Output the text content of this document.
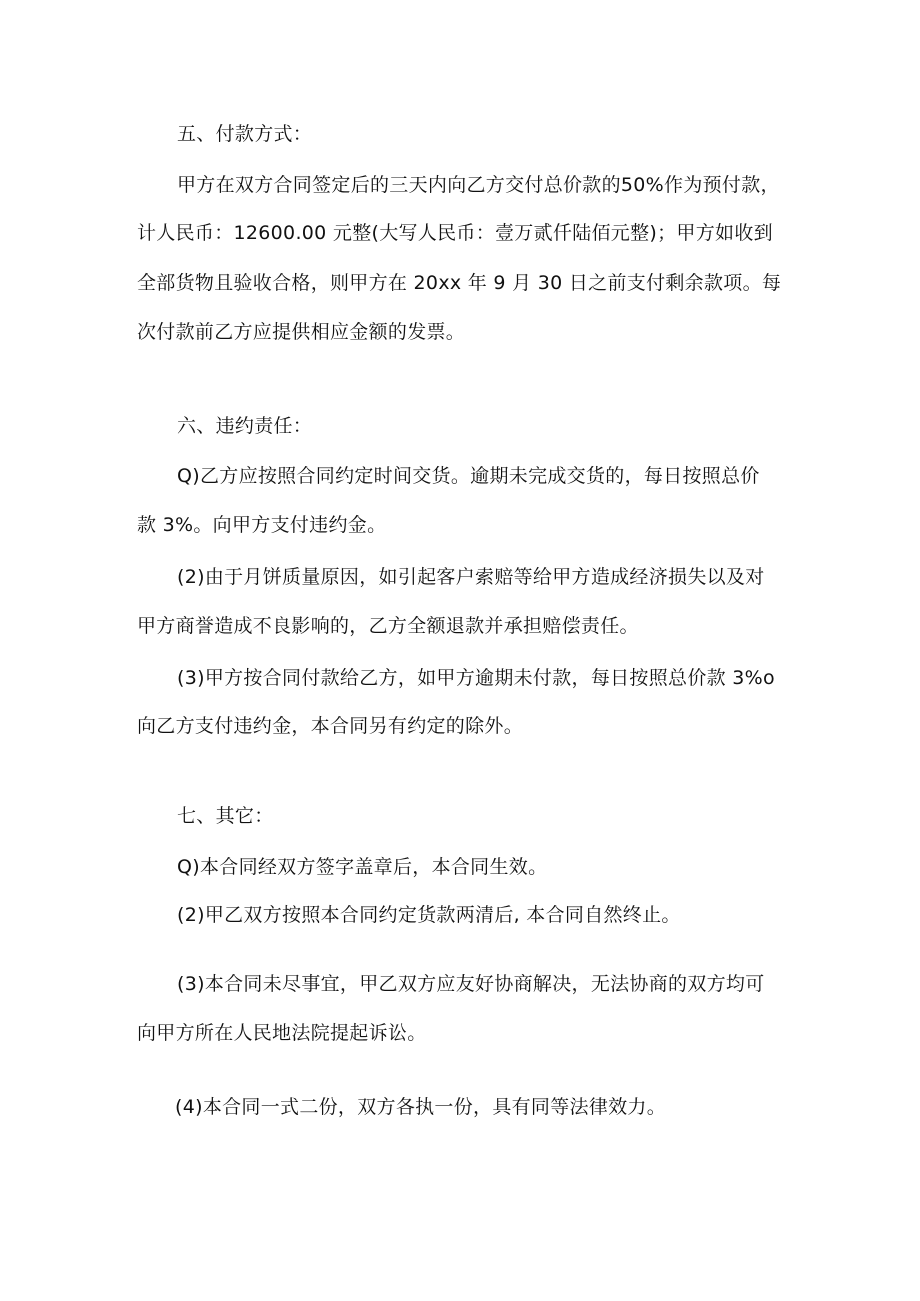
五、付款方式：
甲方在双方合同签定后的三天内向乙方交付总价款的50%作为预付款，
计人民币：12600.00 元整(大写人民币：壹万贰仟陆佰元整)；甲方如收到
全部货物且验收合格，则甲方在 20xx 年 9 月 30 日之前支付剩余款项。每
次付款前乙方应提供相应金额的发票。
六、违约责任：
Q)乙方应按照合同约定时间交货。逾期未完成交货的，每日按照总价
款 3%。向甲方支付违约金。
(2)由于月饼质量原因，如引起客户索赔等给甲方造成经济损失以及对
甲方商誉造成不良影响的，乙方全额退款并承担赔偿责任。
(3)甲方按合同付款给乙方，如甲方逾期未付款，每日按照总价款 3%o
向乙方支付违约金，本合同另有约定的除外。
七、其它：
Q)本合同经双方签字盖章后，本合同生效。
(2)甲乙双方按照本合同约定货款两清后, 本合同自然终止。
(3)本合同未尽事宜，甲乙双方应友好协商解决，无法协商的双方均可
向甲方所在人民地法院提起诉讼。
(4)本合同一式二份，双方各执一份，具有同等法律效力。
